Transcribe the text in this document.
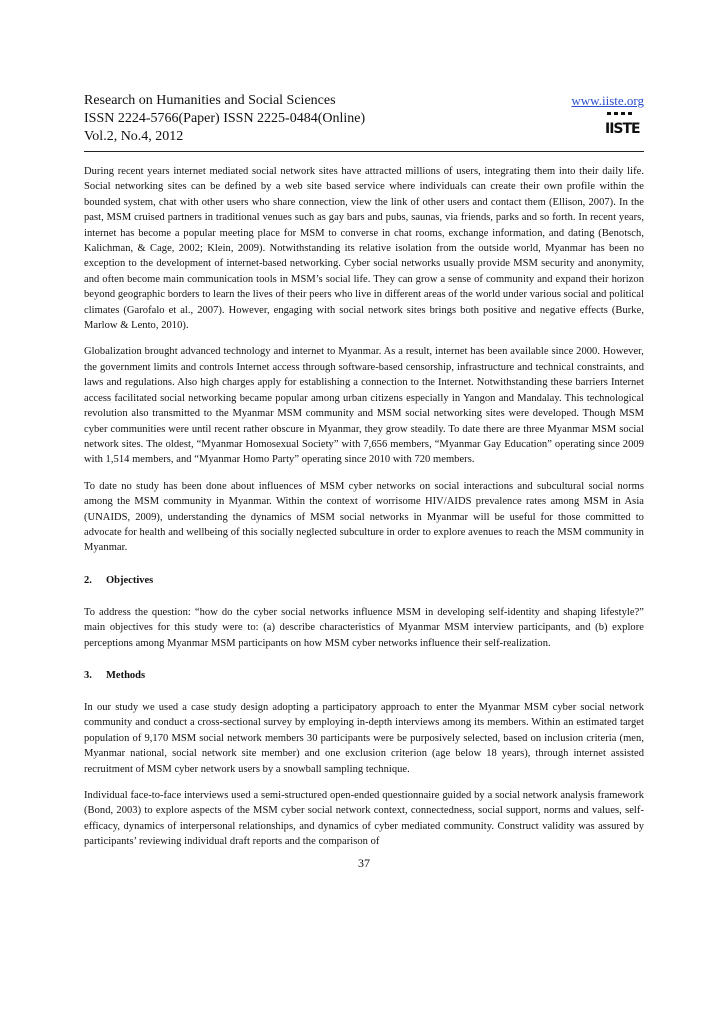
Research on Humanities and Social Sciences
ISSN 2224-5766(Paper) ISSN 2225-0484(Online)
Vol.2, No.4, 2012
www.iiste.org
IISTE

During recent years internet mediated social network sites have attracted millions of users, integrating them into their daily life. Social networking sites can be defined by a web site based service where individuals can create their own profile within the bounded system, chat with other users who share connection, view the link of other users and contact them (Ellison, 2007). In the past, MSM cruised partners in traditional venues such as gay bars and pubs, saunas, via friends, parks and so forth. In recent years, internet has become a popular meeting place for MSM to converse in chat rooms, exchange information, and dating (Benotsch, Kalichman, & Cage, 2002; Klein, 2009). Notwithstanding its relative isolation from the outside world, Myanmar has been no exception to the development of internet-based networking. Cyber social networks usually provide MSM security and anonymity, and often become main communication tools in MSM’s social life. They can grow a sense of community and expand their horizon beyond geographic borders to learn the lives of their peers who live in different areas of the world under various social and political climates (Garofalo et al., 2007). However, engaging with social network sites brings both positive and negative effects (Burke, Marlow & Lento, 2010).

Globalization brought advanced technology and internet to Myanmar. As a result, internet has been available since 2000. However, the government limits and controls Internet access through software-based censorship, infrastructure and technical constraints, and laws and regulations. Also high charges apply for establishing a connection to the Internet. Notwithstanding these barriers Internet access facilitated social networking became popular among urban citizens especially in Yangon and Mandalay. This technological revolution also transmitted to the Myanmar MSM community and MSM social networking sites were developed. Though MSM cyber communities were until recent rather obscure in Myanmar, they grow steadily. To date there are three Myanmar MSM social network sites. The oldest, “Myanmar Homosexual Society” with 7,656 members, “Myanmar Gay Education” operating since 2009 with 1,514 members, and “Myanmar Homo Party” operating since 2010 with 720 members.

To date no study has been done about influences of MSM cyber networks on social interactions and subcultural social norms among the MSM community in Myanmar. Within the context of worrisome HIV/AIDS prevalence rates among MSM in Asia (UNAIDS, 2009), understanding the dynamics of MSM social networks in Myanmar will be useful for those committed to advocate for health and wellbeing of this socially neglected subculture in order to explore avenues to reach the MSM community in Myanmar.

2. Objectives

To address the question: “how do the cyber social networks influence MSM in developing self-identity and shaping lifestyle?” main objectives for this study were to: (a) describe characteristics of Myanmar MSM interview participants, and (b) explore perceptions among Myanmar MSM participants on how MSM cyber networks influence their self-realization.

3. Methods

In our study we used a case study design adopting a participatory approach to enter the Myanmar MSM cyber social network community and conduct a cross-sectional survey by employing in-depth interviews among its members. Within an estimated target population of 9,170 MSM social network members 30 participants were be purposively selected, based on inclusion criteria (men, Myanmar national, social network site member) and one exclusion criterion (age below 18 years), through internet assisted recruitment of MSM cyber network users by a snowball sampling technique.

Individual face-to-face interviews used a semi-structured open-ended questionnaire guided by a social network analysis framework (Bond, 2003) to explore aspects of the MSM cyber social network context, connectedness, social support, norms and values, self-efficacy, dynamics of interpersonal relationships, and dynamics of cyber mediated community. Construct validity was assured by participants’ reviewing individual draft reports and the comparison of

37
